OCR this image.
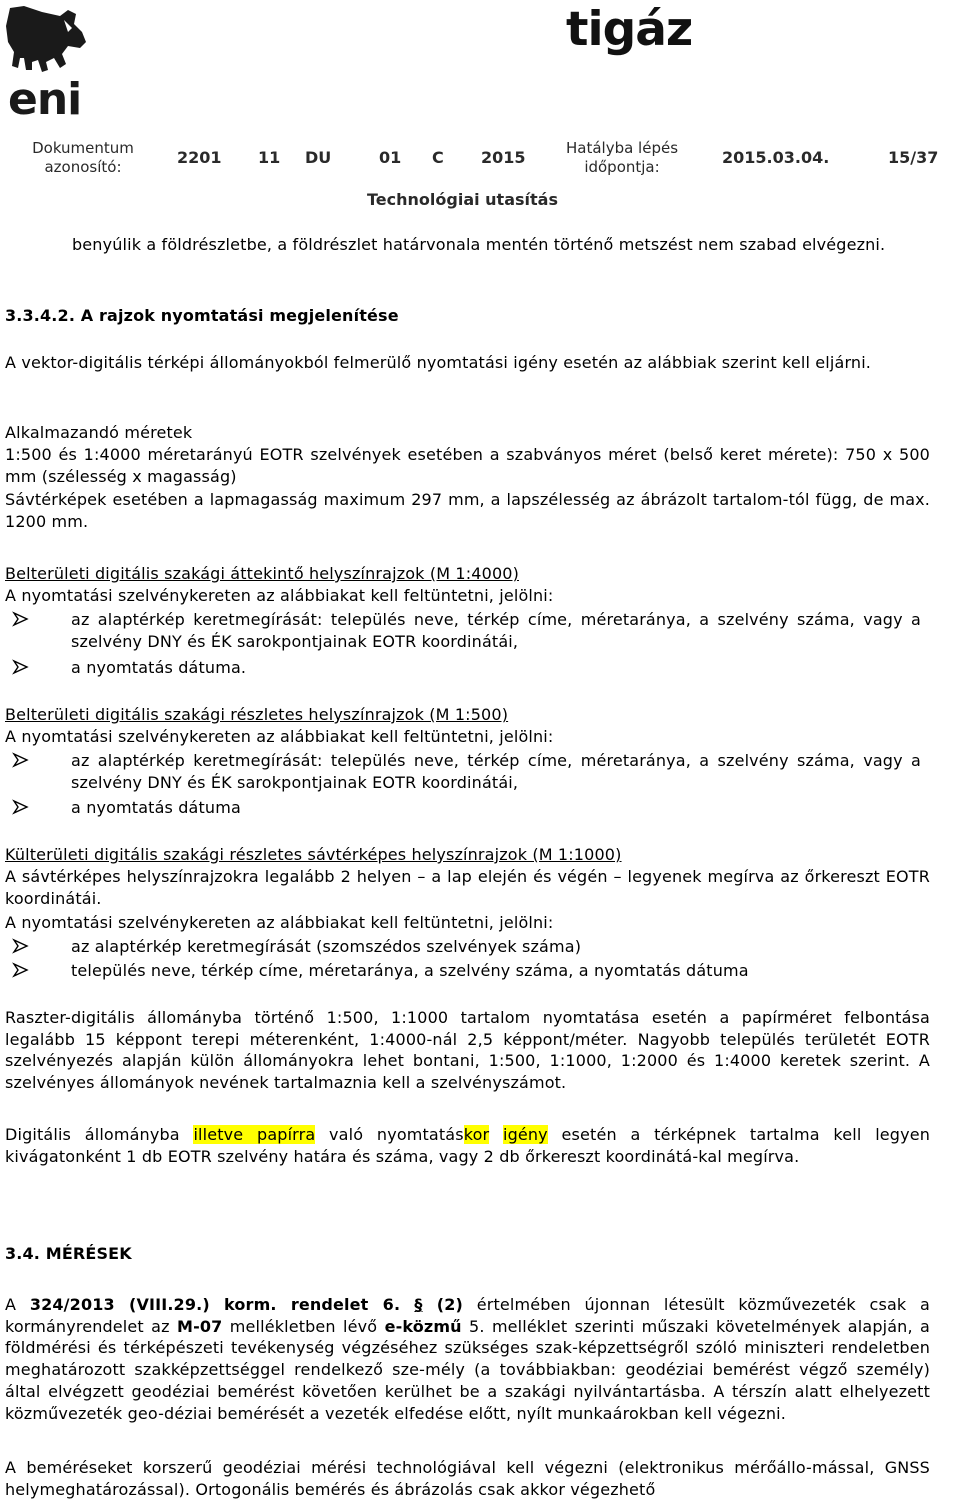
eni
tigáz
Dokumentum
azonosító:	2201 11 DU	01 C 2015	Hatályba lépés
időpontja:	2015.03.04.	15/37
Technológiai utasítás
benyúlik a földrészletbe, a földrészlet határvonala mentén történő metszést nem szabad elvégezni.
3.3.4.2. A rajzok nyomtatási megjelenítése
A vektor-digitális térképi állományokból felmerülő nyomtatási igény esetén az alábbiak szerint kell eljárni.
Alkalmazandó méretek
1:500 és 1:4000 méretarányú EOTR szelvények esetében a szabványos méret (belső keret mérete): 750 x 500 mm (szélesség x magasság)
Sávtérképek esetében a lapmagasság maximum 297 mm, a lapszélesség az ábrázolt tartalom-tól függ, de max. 1200 mm.
Belterületi digitális szakági áttekintő helyszínrajzok (M 1:4000)
A nyomtatási szelvénykereten az alábbiakat kell feltüntetni, jelölni:
az alaptérkép keretmegírását: település neve, térkép címe, méretaránya, a szelvény száma, vagy a szelvény DNY és ÉK sarokpontjainak EOTR koordinátái,
a nyomtatás dátuma.
Belterületi digitális szakági részletes helyszínrajzok (M 1:500)
A nyomtatási szelvénykereten az alábbiakat kell feltüntetni, jelölni:
az alaptérkép keretmegírását: település neve, térkép címe, méretaránya, a szelvény száma, vagy a szelvény DNY és ÉK sarokpontjainak EOTR koordinátái,
a nyomtatás dátuma
Külterületi digitális szakági részletes sávtérképes helyszínrajzok (M 1:1000)
A sávtérképes helyszínrajzokra legalább 2 helyen – a lap elején és végén – legyenek megírva az őrkereszt EOTR koordinátái.
A nyomtatási szelvénykereten az alábbiakat kell feltüntetni, jelölni:
az alaptérkép keretmegírását (szomszédos szelvények száma)
település neve, térkép címe, méretaránya, a szelvény száma, a nyomtatás dátuma
Raszter-digitális állományba történő 1:500, 1:1000 tartalom nyomtatása esetén a papírméret felbontása legalább 15 képpont terepi méterenként, 1:4000-nál 2,5 képpont/méter. Nagyobb település területét EOTR szelvényezés alapján külön állományokra lehet bontani, 1:500, 1:1000, 1:2000 és 1:4000 keretek szerint. A szelvényes állományok nevének tartalmaznia kell a szelvényszámot.
Digitális állományba illetve papírra való nyomtatáskor igény esetén a térképnek tartalma kell legyen kivágatonként 1 db EOTR szelvény határa és száma, vagy 2 db őrkereszt koordinátá-kal megírva.
3.4. MÉRÉSEK
A 324/2013 (VIII.29.) korm. rendelet 6. § (2) értelmében újonnan létesült közművezeték csak a kormányrendelet az M-07 mellékletben lévő e-közmű 5. melléklet szerinti műszaki követelmények alapján, a földmérési és térképészeti tevékenység végzéséhez szükséges szak-képzettségről szóló miniszteri rendeletben meghatározott szakképzettséggel rendelkező sze-mély (a továbbiakban: geodéziai bemérést végző személy) által elvégzett geodéziai bemérést követően kerülhet be a szakági nyilvántartásba. A térszín alatt elhelyezett közművezeték geo-déziai bemérését a vezeték elfedése előtt, nyílt munkaárokban kell végezni.
A beméréseket korszerű geodéziai mérési technológiával kell végezni (elektronikus mérőállo-mással, GNSS helymeghatározással). Ortogonális bemérés és ábrázolás csak akkor végezhető
